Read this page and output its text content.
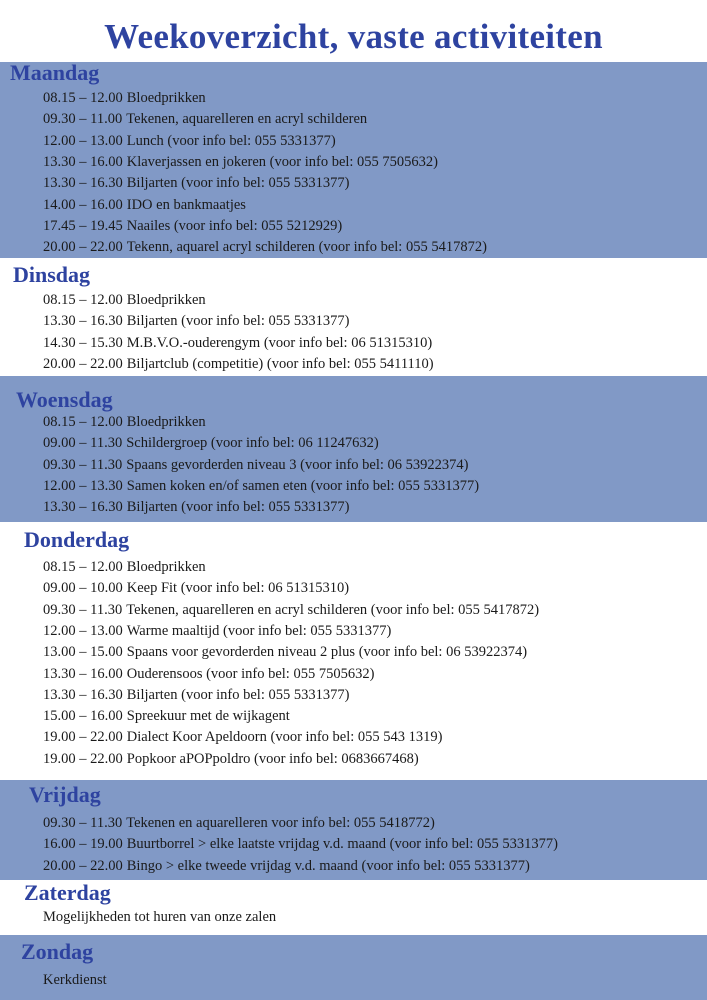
Weekoverzicht, vaste activiteiten
Maandag
08.15 – 12.00 Bloedprikken
09.30 – 11.00 Tekenen, aquarelleren en acryl schilderen
12.00 – 13.00 Lunch (voor info bel: 055 5331377)
13.30 – 16.00 Klaverjassen en jokeren (voor info bel: 055 7505632)
13.30 – 16.30 Biljarten (voor info bel: 055 5331377)
14.00 – 16.00 IDO en bankmaatjes
17.45 – 19.45 Naailes (voor info bel: 055 5212929)
20.00 – 22.00 Tekenn, aquarel acryl schilderen (voor info bel: 055 5417872)
Dinsdag
08.15 – 12.00 Bloedprikken
13.30 – 16.30 Biljarten (voor info bel: 055 5331377)
14.30 – 15.30 M.B.V.O.-ouderengym (voor info bel: 06 51315310)
20.00 – 22.00 Biljartclub (competitie) (voor info bel: 055 5411110)
Woensdag
08.15 – 12.00 Bloedprikken
09.00 – 11.30 Schildergroep (voor info bel: 06 11247632)
09.30 – 11.30 Spaans gevorderden niveau 3 (voor info bel: 06 53922374)
12.00 – 13.30 Samen koken en/of samen eten (voor info bel: 055 5331377)
13.30 – 16.30 Biljarten (voor info bel: 055 5331377)
Donderdag
08.15 – 12.00 Bloedprikken
09.00 – 10.00 Keep Fit (voor info bel: 06 51315310)
09.30 – 11.30 Tekenen, aquarelleren en acryl schilderen (voor info bel: 055 5417872)
12.00 – 13.00 Warme maaltijd (voor info bel: 055 5331377)
13.00 – 15.00 Spaans voor gevorderden niveau 2 plus (voor info bel: 06 53922374)
13.30 – 16.00 Ouderensoos (voor info bel: 055 7505632)
13.30 – 16.30 Biljarten (voor info bel: 055 5331377)
15.00 – 16.00 Spreekuur met de wijkagent
19.00 – 22.00 Dialect Koor Apeldoorn (voor info bel: 055 543 1319)
19.00 – 22.00 Popkoor aPOPpoldro (voor info bel: 0683667468)
Vrijdag
09.30 – 11.30 Tekenen en aquarelleren voor info bel: 055 5418772)
16.00 – 19.00 Buurtborrel > elke laatste vrijdag v.d. maand (voor info bel: 055 5331377)
20.00 – 22.00 Bingo > elke tweede vrijdag v.d. maand (voor info bel: 055 5331377)
Zaterdag
Mogelijkheden tot huren van onze zalen
Zondag
Kerkdienst
